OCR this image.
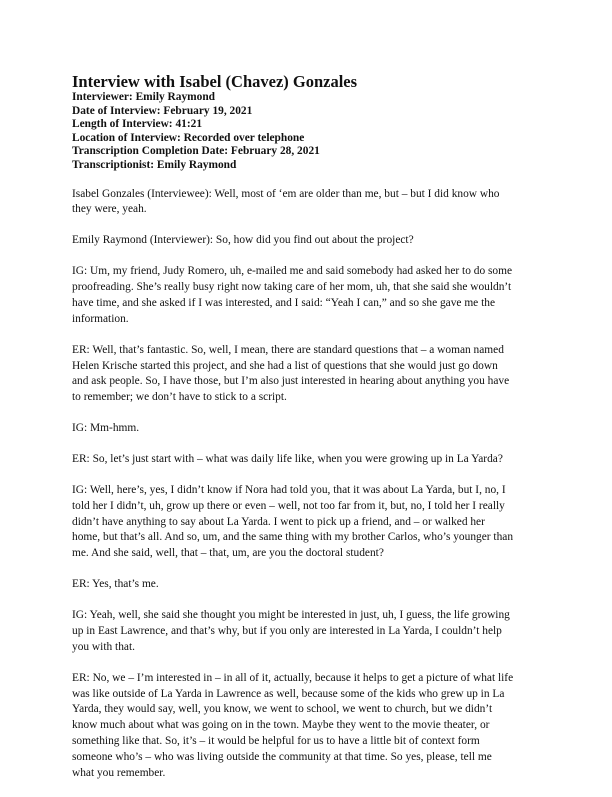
Interview with Isabel (Chavez) Gonzales
Interviewer: Emily Raymond
Date of Interview: February 19, 2021
Length of Interview: 41:21
Location of Interview: Recorded over telephone
Transcription Completion Date: February 28, 2021
Transcriptionist: Emily Raymond

Isabel Gonzales (Interviewee): Well, most of ‘em are older than me, but – but I did know who
they were, yeah.

Emily Raymond (Interviewer): So, how did you find out about the project?

IG: Um, my friend, Judy Romero, uh, e-mailed me and said somebody had asked her to do some
proofreading. She’s really busy right now taking care of her mom, uh, that she said she wouldn’t
have time, and she asked if I was interested, and I said: “Yeah I can,” and so she gave me the
information.

ER: Well, that’s fantastic. So, well, I mean, there are standard questions that – a woman named
Helen Krische started this project, and she had a list of questions that she would just go down
and ask people. So, I have those, but I’m also just interested in hearing about anything you have
to remember; we don’t have to stick to a script.

IG: Mm-hmm.

ER: So, let’s just start with – what was daily life like, when you were growing up in La Yarda?

IG: Well, here’s, yes, I didn’t know if Nora had told you, that it was about La Yarda, but I, no, I
told her I didn’t, uh, grow up there or even – well, not too far from it, but, no, I told her I really
didn’t have anything to say about La Yarda. I went to pick up a friend, and – or walked her
home, but that’s all. And so, um, and the same thing with my brother Carlos, who’s younger than
me. And she said, well, that – that, um, are you the doctoral student?

ER: Yes, that’s me.

IG: Yeah, well, she said she thought you might be interested in just, uh, I guess, the life growing
up in East Lawrence, and that’s why, but if you only are interested in La Yarda, I couldn’t help
you with that.

ER: No, we – I’m interested in – in all of it, actually, because it helps to get a picture of what life
was like outside of La Yarda in Lawrence as well, because some of the kids who grew up in La
Yarda, they would say, well, you know, we went to school, we went to church, but we didn’t
know much about what was going on in the town. Maybe they went to the movie theater, or
something like that. So, it’s – it would be helpful for us to have a little bit of context form
someone who’s – who was living outside the community at that time. So yes, please, tell me
what you remember.
